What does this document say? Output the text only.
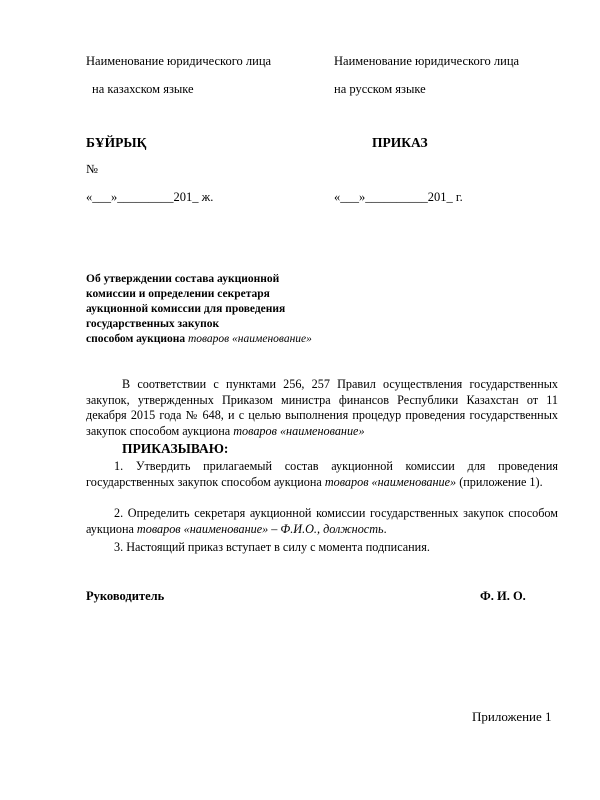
Наименование юридического лица
на казахском языке
Наименование юридического лица
на русском языке
БҰЙРЫҚ	ПРИКАЗ
№
«___»_________201_ ж.	«___»__________201_ г.
Об утверждении состава аукционной
комиссии и определении секретаря
аукционной комиссии для проведения
государственных закупок
способом аукциона товаров «наименование»
В соответствии с пунктами 256, 257 Правил осуществления государственных закупок, утвержденных Приказом министра финансов Республики Казахстан от 11 декабря 2015 года № 648, и с целью выполнения процедур проведения государственных закупок способом аукциона товаров «наименование»
ПРИКАЗЫВАЮ:
1. Утвердить прилагаемый состав аукционной комиссии для проведения государственных закупок способом аукциона товаров «наименование» (приложение 1).
2. Определить секретаря аукционной комиссии государственных закупок способом аукциона товаров «наименование» – Ф.И.О., должность.
3. Настоящий приказ вступает в силу с момента подписания.
Руководитель	Ф. И. О.
Приложение 1
